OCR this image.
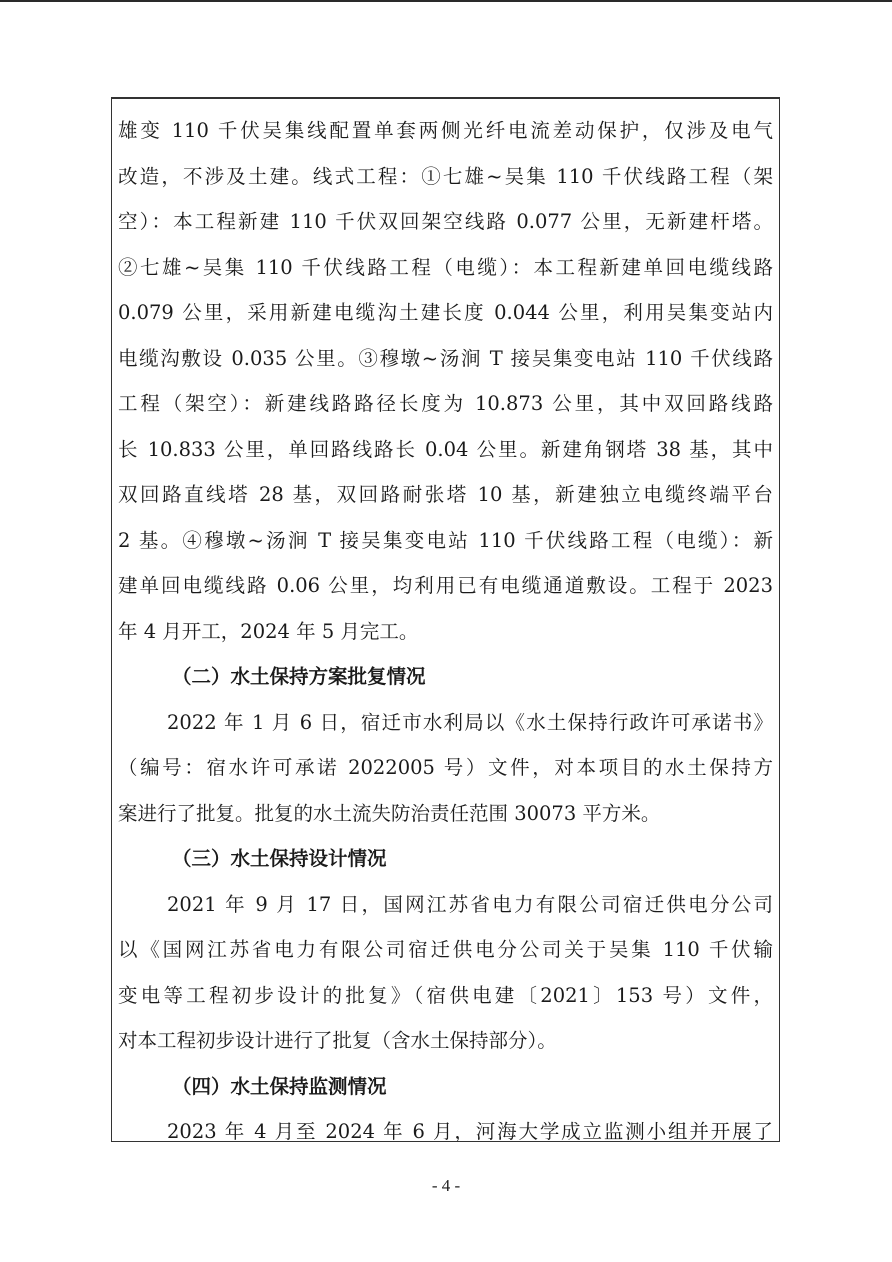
雄变 110 千伏吴集线配置单套两侧光纤电流差动保护，仅涉及电气
改造，不涉及土建。线式工程：①七雄~吴集 110 千伏线路工程（架
空）：本工程新建 110 千伏双回架空线路 0.077 公里，无新建杆塔。
②七雄~吴集 110 千伏线路工程（电缆）：本工程新建单回电缆线路
0.079 公里，采用新建电缆沟土建长度 0.044 公里，利用吴集变站内
电缆沟敷设 0.035 公里。③穆墩~汤涧 T 接吴集变电站 110 千伏线路
工程（架空）：新建线路路径长度为 10.873 公里，其中双回路线路
长 10.833 公里，单回路线路长 0.04 公里。新建角钢塔 38 基，其中
双回路直线塔 28 基，双回路耐张塔 10 基，新建独立电缆终端平台
2 基。④穆墩~汤涧 T 接吴集变电站 110 千伏线路工程（电缆）：新
建单回电缆线路 0.06 公里，均利用已有电缆通道敷设。工程于 2023
年 4 月开工，2024 年 5 月完工。
（二）水土保持方案批复情况
2022 年 1 月 6 日，宿迁市水利局以《水土保持行政许可承诺书》
（编号：宿水许可承诺 2022005 号）文件，对本项目的水土保持方
案进行了批复。批复的水土流失防治责任范围 30073 平方米。
（三）水土保持设计情况
2021 年 9 月 17 日，国网江苏省电力有限公司宿迁供电分公司
以《国网江苏省电力有限公司宿迁供电分公司关于吴集 110 千伏输
变电等工程初步设计的批复》（宿供电建〔2021〕153 号）文件，
对本工程初步设计进行了批复（含水土保持部分）。
（四）水土保持监测情况
2023 年 4 月至 2024 年 6 月，河海大学成立监测小组并开展了
- 4 -
